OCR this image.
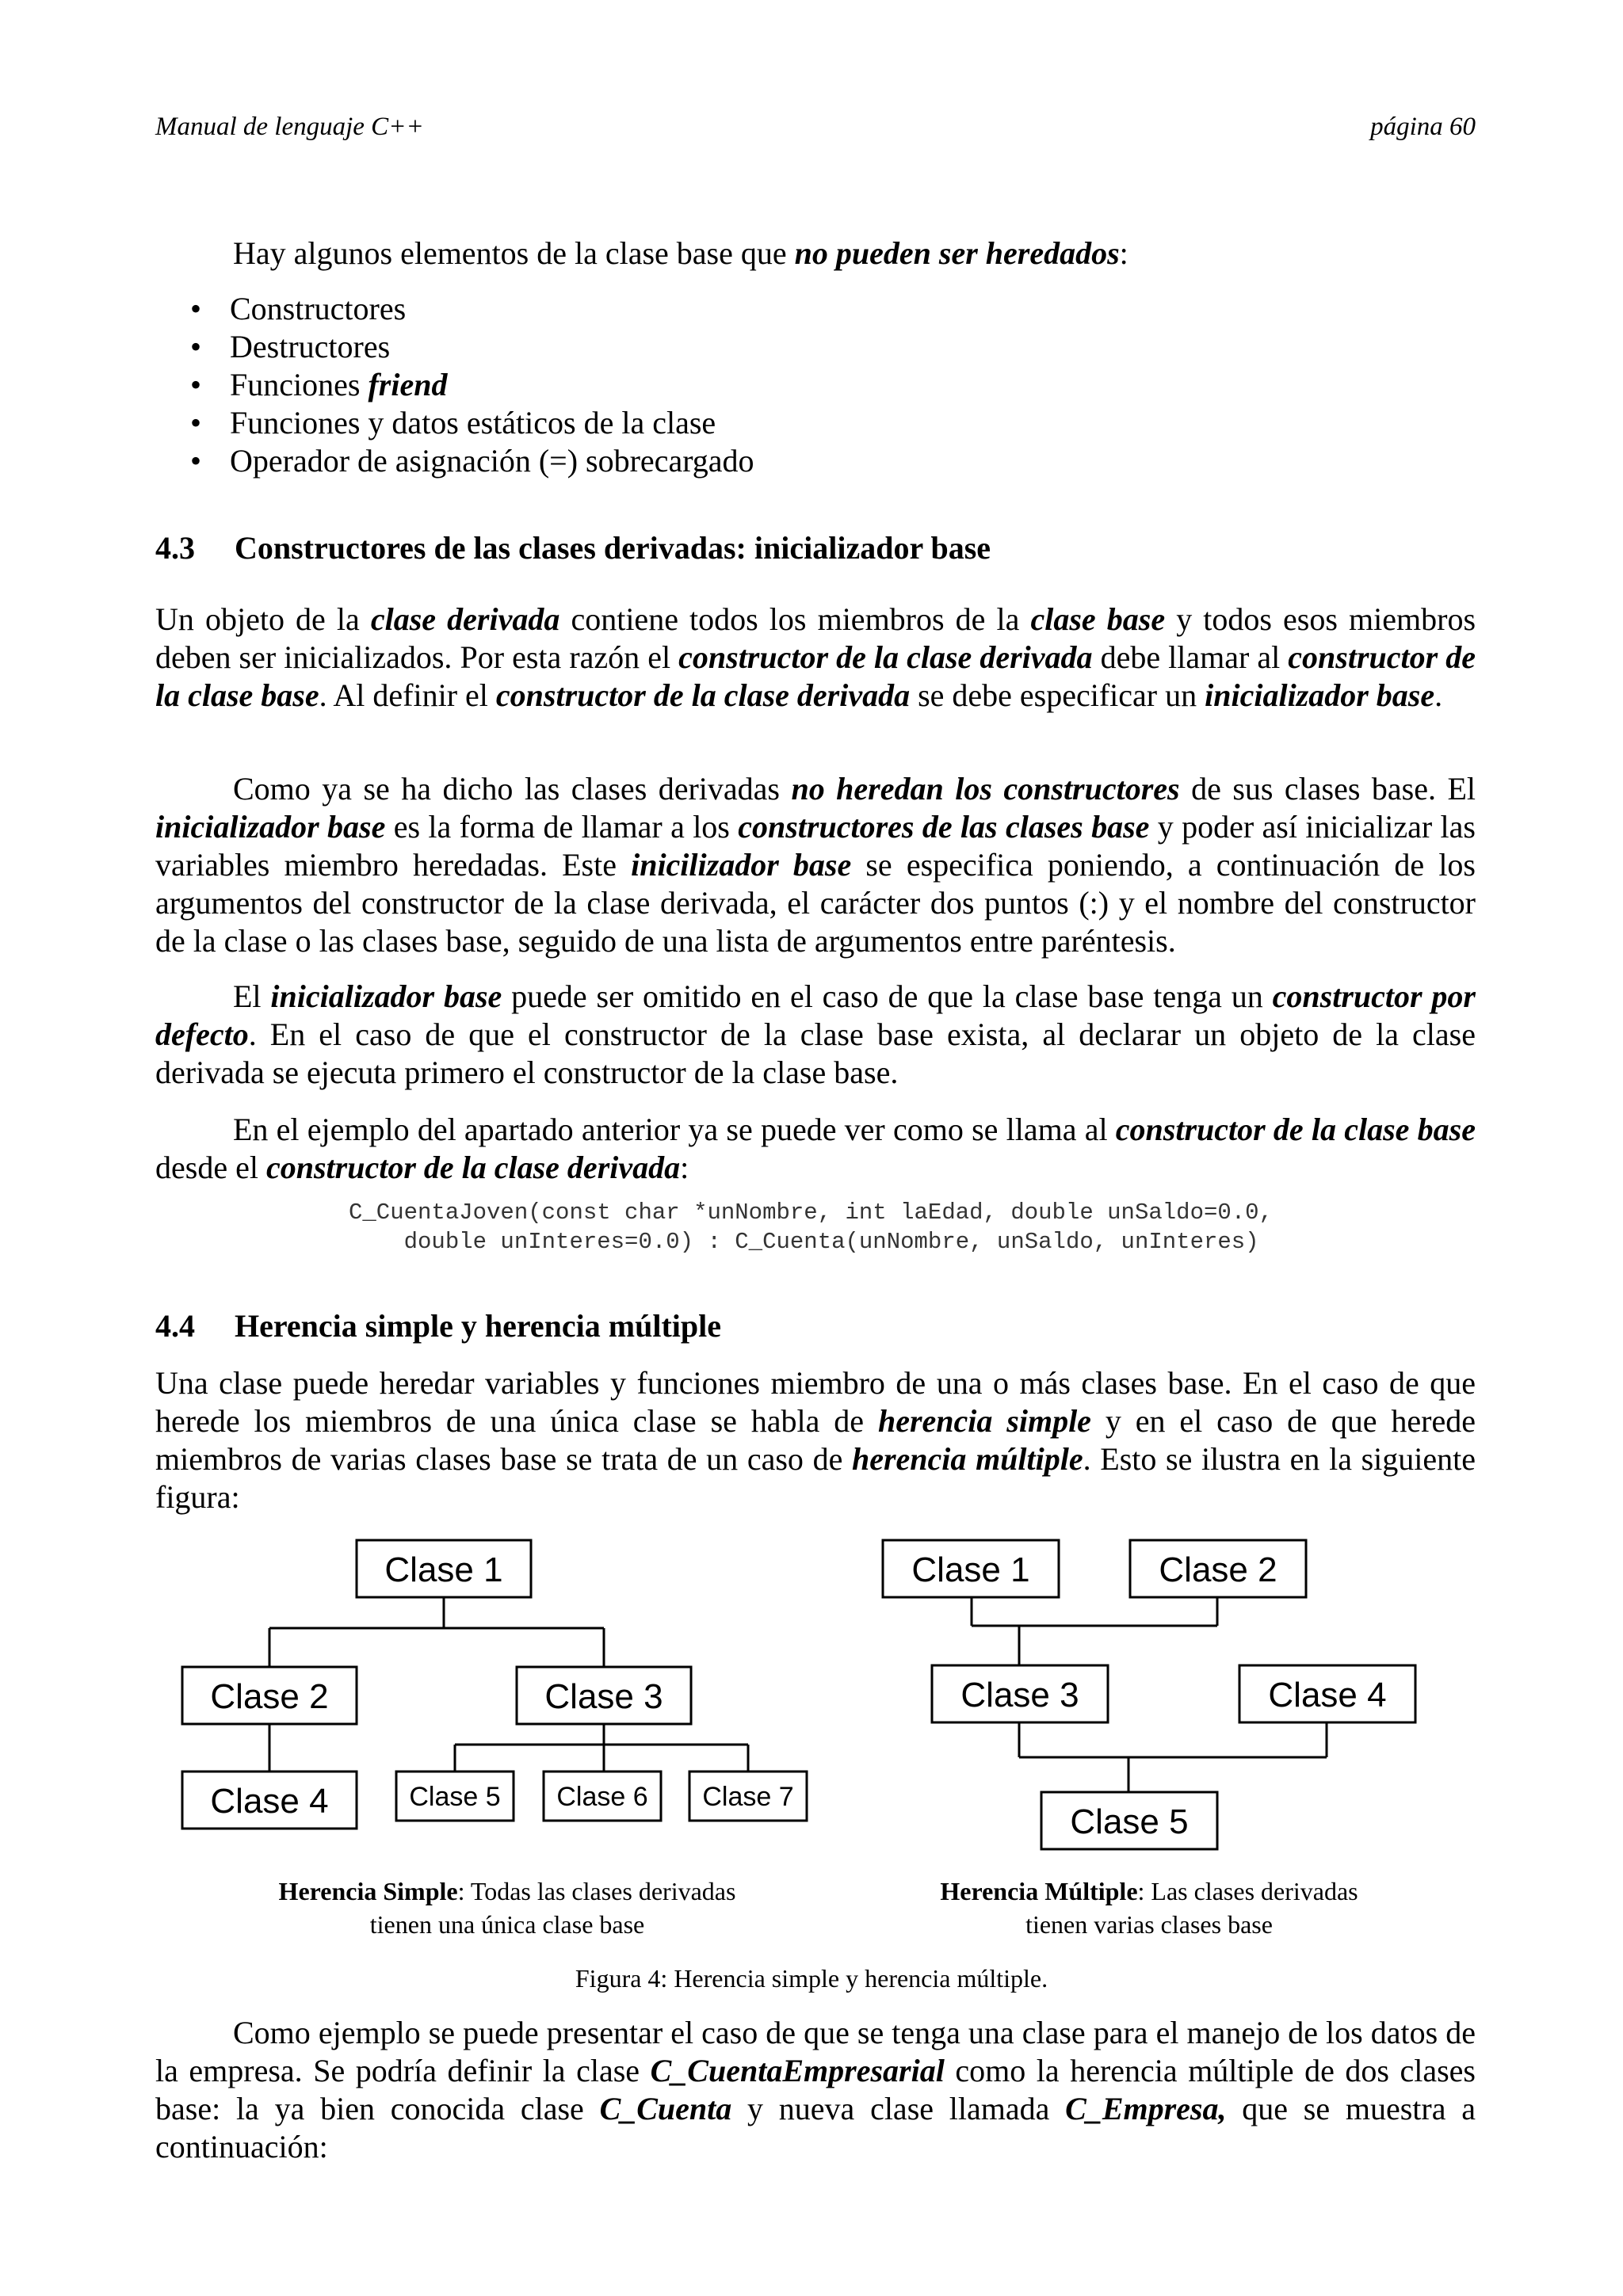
Manual de lenguaje C++	página 60
Hay algunos elementos de la clase base que no pueden ser heredados:
• Constructores
• Destructores
• Funciones friend
• Funciones y datos estáticos de la clase
• Operador de asignación (=) sobrecargado
4.3 Constructores de las clases derivadas: inicializador base
Un objeto de la clase derivada contiene todos los miembros de la clase base y todos esos miembros deben ser inicializados. Por esta razón el constructor de la clase derivada debe llamar al constructor de la clase base. Al definir el constructor de la clase derivada se debe especificar un inicializador base.
Como ya se ha dicho las clases derivadas no heredan los constructores de sus clases base. El inicializador base es la forma de llamar a los constructores de las clases base y poder así inicializar las variables miembro heredadas. Este inicilizador base se especifica poniendo, a continuación de los argumentos del constructor de la clase derivada, el carácter dos puntos (:) y el nombre del constructor de la clase o las clases base, seguido de una lista de argumentos entre paréntesis.
El inicializador base puede ser omitido en el caso de que la clase base tenga un constructor por defecto. En el caso de que el constructor de la clase base exista, al declarar un objeto de la clase derivada se ejecuta primero el constructor de la clase base.
En el ejemplo del apartado anterior ya se puede ver como se llama al constructor de la clase base desde el constructor de la clase derivada:
C_CuentaJoven(const char *unNombre, int laEdad, double unSaldo=0.0,
double unInteres=0.0) : C_Cuenta(unNombre, unSaldo, unInteres)
4.4 Herencia simple y herencia múltiple
Una clase puede heredar variables y funciones miembro de una o más clases base. En el caso de que herede los miembros de una única clase se habla de herencia simple y en el caso de que herede miembros de varias clases base se trata de un caso de herencia múltiple. Esto se ilustra en la siguiente figura:
Clase 1
Clase 2	Clase 3
Clase 4	Clase 5 Clase 6 Clase 7
Clase 1	Clase 2
Clase 3	Clase 4
Clase 5
Herencia Simple: Todas las clases derivadas
tienen una única clase base
Herencia Múltiple: Las clases derivadas
tienen varias clases base
Figura 4: Herencia simple y herencia múltiple.
Como ejemplo se puede presentar el caso de que se tenga una clase para el manejo de los datos de la empresa. Se podría definir la clase C_CuentaEmpresarial como la herencia múltiple de dos clases base: la ya bien conocida clase C_Cuenta y nueva clase llamada C_Empresa, que se muestra a continuación:
